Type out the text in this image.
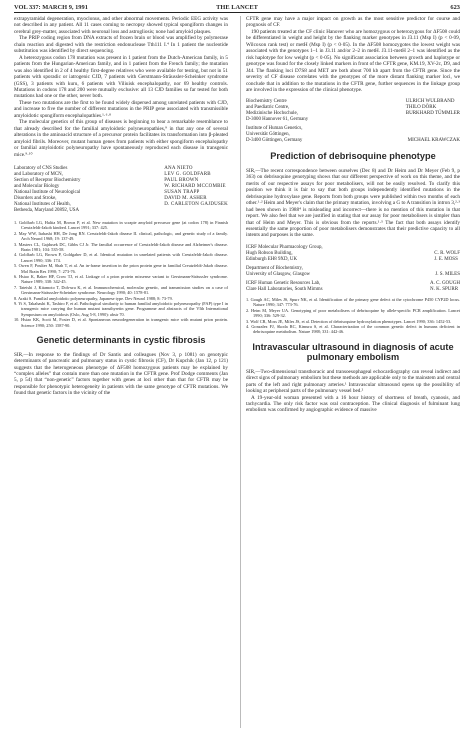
VOL 337: MARCH 9, 1991	THE LANCET	623

extrapyramidal degeneration, myoclonus, and other abnormal movements. Periodic EEG activity was not described in any patient. All 11 cases coming to necropsy showed typical spongiform changes in cerebral grey-matter, associated with neuronal loss and astrogliosis; none had amyloid plaques.

The PRIP coding region from DNA extracts of frozen brain or blood was amplified by polymerase chain reaction and digested with the restriction endonuclease Tth111 I.⁴ In 1 patient the nucleotide substitution was identified by direct sequencing.

A heterozygous codon 178 mutation was present in 1 patient from the Dutch-American family, in 5 patients from the Hungarian-American family, and in 1 patient from the French family; the mutation was also identified in 2 of 4 healthy first-degree relatives who were available for testing, but not in 51 patients with sporadic or iatrogenic CJD, 7 patients with Gerstmann-Sträussler-Scheinker syndrome (GSS), 3 patients with kuru, 6 patients with Viliuisk encephalopathy, nor 69 healthy controls. Mutations in codons 178 and 200 were mutually exclusive: all 13 CJD families so far tested for both mutations had one or the other, never both.

These two mutations are the first to be found widely dispersed among unrelated patients with CJD, and increase to five the number of different mutations in the PRIP gene associated with transmissible amyloidotic spongiform encephalopathies.¹·⁶·⁸

The molecular genetics of this group of diseases is beginning to bear a remarkable resemblance to that already described for the familial amyloidotic polyneuropathies,⁹ in that any one of several alterations in the aminoacid structure of a precursor protein facilitates its transformation into β-pleated amyloid fibrils. Moreover, mutant human genes from patients with either spongiform encephalopathy or familial amyloidotic polyneuropathy have spontaneously reproduced each disease in transgenic mice.⁹·¹⁰

Laboratory of CNS Studies
and Laboratory of MCN,
Section of Receptor Biochemistry
and Molecular Biology
National Institute of Neurological
Disorders and Stroke,
National Institutes of Health,
Bethesda, Maryland 20892, USA
ANA NIETO
LEV G. GOLDFARB
PAUL BROWN
W. RICHARD MCCOMBIE
SUSAN TRAPP
DAVID M. ASHER
D. CARLETON GAJDUSEK

1. Goldfarb LG, Haltia M, Brown P, et al. New mutation in scrapie amyloid precursor gene (at codon 178) in Finnish Creutzfeldt-Jakob kindred. Lancet 1991; 337: 425.

2. May WW, Itabashi HH, De Jong RN. Creutzfeldt-Jakob disease II. clinical, pathologic, and genetic study of a family. Arch Neurol 1968; 19: 137-49.

3. Masters CL, Gajdusek DC, Gibbs CJ Jr. The familial occurrence of Creutzfeldt-Jakob disease and Alzheimer's disease. Brain 1981; 104: 535-58.

4. Goldfarb LG, Brown P, Goldgaber D, et al. Identical mutation in unrelated patients with Creutzfeldt-Jakob disease. Lancet 1990; 336: 174.

5. Owen F, Poulter M, Shah T, et al. An in-frame insertion in the prion protein gene in familial Creutzfeldt-Jakob disease. Mol Brain Res 1990; 7: 273-76.

6. Hsiao K, Baker HF, Crow TJ, et al. Linkage of a prion protein missense variant to Gerstmann-Sträussler syndrome. Nature 1989; 338: 342-45.

7. Tateishi J, Kitamoto T, Doh-ura K, et al. Immunochemical, molecular genetic, and transmission studies on a case of Gerstmann-Sträussler-Scheinker syndrome. Neurology 1990; 40: 1578-81.

8. Araki S. Familial amyloidotic polyneuropathy, Japanese type. Dev Neurol 1988; 8: 73-79.

9. Yi S, Takahashi K, Tashiro F, et al. Pathological similarity to human familial amyloidotic polyneuropathy (FAP) type I in transgenic mice carrying the human mutant transthyretin gene. Programme and abstracts of the VIth International Symposium on amyloidosis (Oslo, Aug 5-8, 1990): abstr 70.

10. Hsiao KK, Scott M, Foster D, et al. Spontaneous neurodegeneration in transgenic mice with mutant prion protein. Science 1990; 250: 1587-90.

Genetic determinants in cystic fibrosis

SIR,—In response to the findings of Dr Santis and colleagues (Nov 3, p 1081) on genotypic determinants of pancreatic and pulmonary status in cystic fibrosis (CF), Dr Kupchik (Jan 12, p 121) suggests that the heterogeneous phenotype of ΔF508 homozygous patients may be explained by “complex alleles” that contain more than one mutation in the CFTR gene. Prof Dodge comments (Jan 5, p 54) that “non-genetic” factors together with genes at loci other than that for CFTR may be responsible for phenotypic heterogeneity in patients with the same genotype of CFTR mutations. We found that genetic factors in the vicinity of the

CFTR gene may have a major impact on growth as the most sensitive predictor for course and prognosis of CF.

190 patients treated at the CF clinic Hanover who are homozygous or heterozygous for ΔF508 could be differentiated in weight and height by the flanking marker genotypes in J3.11 (Msp I) (p < 0·09, Wilcoxon rank test) or metH (Msp I) (p < 0·05). In the ΔF508 homozygotes the lowest weight was associated with the genotypes 1–1 in J3.11 and/or 2–2 in metH. J3.11-metH 2–1 was identified as the risk haplotype for low weight (p < 0·05). No significant association between growth and haplotype or genotype was found for the closely linked markers in front of the CFTR gene, KM.19, XV-2c, D9, and J44. The flanking loci D7S8 and MET are both about 700 kb apart from the CFTR gene. Since the severity of CF disease correlates with the genotypes of the more distant flanking marker loci, we conclude that in addition to the mutations in the CFTR gene, further sequences in the linkage group are involved in the expression of the clinical phenotype.

Biochemistry Centre
and Paediatric Centre,
Medizinische Hochschule,
D-3000 Hannover 61, Germany
ULRICH WULBRAND
THILO DÖRK
BURKHARD TÜMMLER
Institute of Human Genetics,
Universität Göttingen,
D-3400 Göttingen, Germany	MICHAEL KRAWCZAK
Prediction of debrisoquine phenotype

SIR,—The recent correspondence between ourselves (Dec 8) and Dr Heim and Dr Meyer (Feb 9, p 363) on debrisoquine genotyping shows that our different perspective of work on this theme, and the merits of our respective assays for poor metabolisers, will not be easily resolved. To clarify this position we think it is fair to say that both groups independently identified mutations in the debrisoquine hydroxylase gene. Reports from both groups were published within two months of each other.¹·² Heim and Meyer's claim that the primary mutation, involving a G to A transition in intron 3,²·³ had been shown in 1988⁴ is misleading and incorrect—there is no mention of this mutation in that report. We also feel that we are justified in stating that our assay for poor metabolisers is simpler than that of Heim and Meyer. This is obvious from the reports.¹·⁵ The fact that both assays identify essentially the same proportion of poor metabolisers demonstrates that their predictive capacity to all intents and purposes is the same.

ICRF Molecular Pharmacology Group,
Hugh Robson Building,
Edinburgh EH8 9XD, UK
C. R. WOLF
J. E. MOSS
Department of Biochemistry,
University of Glasgow, Glasgow	J. S. MILES
ICRF Human Genetic Resources Lab,
Clare Hall Laboratories, South Mimms
A. C. GOUGH
N. K. SPURR

1. Gough AC, Miles JS, Spurr NK, et al. Identification of the primary gene defect at the cytochrome P450 CYP2D locus. Nature 1990; 347: 773-76.

2. Heim M, Meyer UA. Genotyping of poor metabolisers of debrisoquine by allele-specific PCR amplification. Lancet 1990; 336: 529-32.

3. Wolf CR, Moss JE, Miles JS, et al. Detection of debrisoquine hydroxylation phenotypes. Lancet 1990; 336: 1452-53.

4. Gonzalez FJ, Skoda RC, Kimura S, et al. Characterization of the common genetic defect in humans deficient in debrisoquine metabolism. Nature 1988; 331: 442-46.

Intravascular ultrasound in diagnosis of acute pulmonary embolism

SIR,—Two-dimensional transthoracic and transoesophageal echocardiography can reveal indirect and direct signs of pulmonary embolism but these methods are applicable only to the mainstem and central parts of the left and right pulmonary arteries.¹ Intravascular ultrasound opens up the possibility of looking at peripheral parts of the pulmonary vessel bed.²

A 19-year-old woman presented with a 16 hour history of shortness of breath, cyanosis, and tachycardia. The only risk factor was oral contraception. The clinical diagnosis of fulminant lung embolism was confirmed by angiographic evidence of massive
